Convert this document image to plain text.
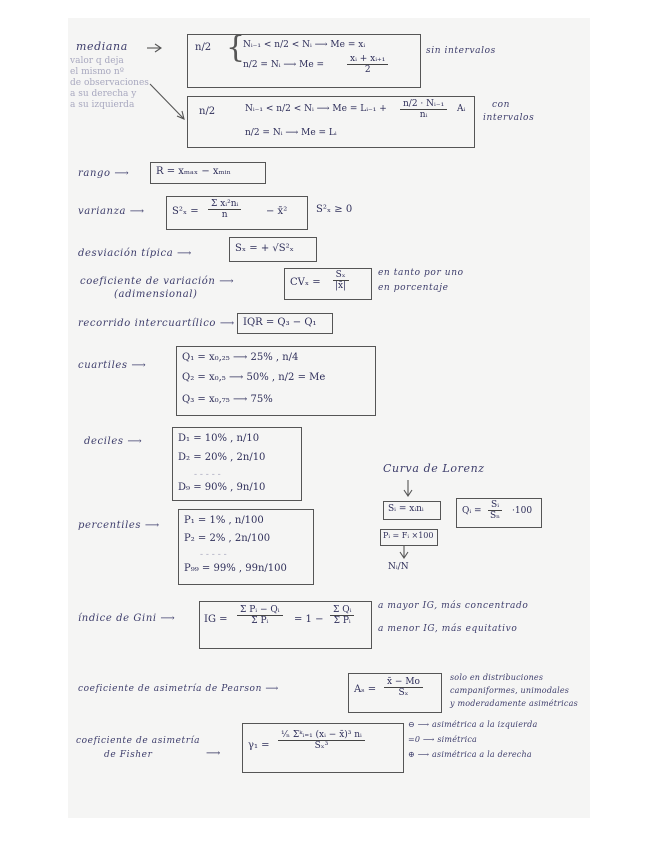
mediana
valor q deja
el mismo nº
de observaciones
a su derecha y
a su izquierda
n/2 {
Nᵢ₋₁ < n/2 < Nᵢ ⟶ Me = xᵢ
n/2 = Nᵢ ⟶ Me =	$\frac{\text{xᵢ + xᵢ₊₁}}{2}$
sin intervalos
n/2	Nᵢ₋₁ < n/2 < Nᵢ ⟶ Me = Lᵢ₋₁ + $\frac{\text{n/2 · Nᵢ₋₁}}{\text{nᵢ}}$ Aᵢ
n/2 = Nᵢ ⟶ Me = Lᵢ
con
intervalos
rango ⟶	R = xₘₐₓ − xₘᵢₙ
varianza ⟶	$S^2_x = \frac{\text{Σ xᵢ²nᵢ}}{n}$ − x̄²	S²ₓ ≥ 0
desviación típica ⟶	Sₓ = + √S²ₓ
coeficiente de variación ⟶
(adimensional)
$CV_x = \frac{\text{Sₓ}}{|x̄|}$	en tanto por uno
en porcentaje
recorrido intercuartílico ⟶ IQR = Q₃ − Q₁
cuartiles ⟶
Q₁ = x₀,₂₅ ⟶ 25% , n/4
Q₂ = x₀,₅ ⟶ 50% , n/2 = Me
Q₃ = x₀,₇₅ ⟶ 75%
deciles ⟶	D₁ = 10% , n/10
D₂ = 20% , 2n/10
- - - - -
D₉ = 90% , 9n/10
Curva de Lorenz
Sᵢ = xᵢnᵢ	Qᵢ = $\frac{\text{Sᵢ}}{\text{Sₙ}} \cdot 100$
Pᵢ = Fᵢ ×100
Nᵢ/N
percentiles ⟶ P₁ = 1% , n/100
P₂ = 2% , 2n/100
- - - - -
P₉₉ = 99% , 99n/100
índice de Gini ⟶	IG = $\frac{\text{Σ Pᵢ − Qᵢ}}{\text{Σ Pᵢ}} = 1 - \frac{\text{Σ Qᵢ}}{\text{Σ Pᵢ}}$	a mayor IG, más concentrado
a menor IG, más equitativo
coeficiente de asimetría de Pearson ⟶	$A_s = \frac{x̄ - Mo}{\text{Sₓ}}$	solo en distribuciones
campaniformes, unimodales
y moderadamente asimétricas
coeficiente de asimetría
de Fisher	⟶
γ₁ =
¹⁄ₙ Σᵏᵢ₌₁ (xᵢ − x̄)³ nᵢ
Sₓ³
⊖ ⟶ asimétrica a la izquierda
=0 ⟶ simétrica
⊕ ⟶ asimétrica a la derecha
